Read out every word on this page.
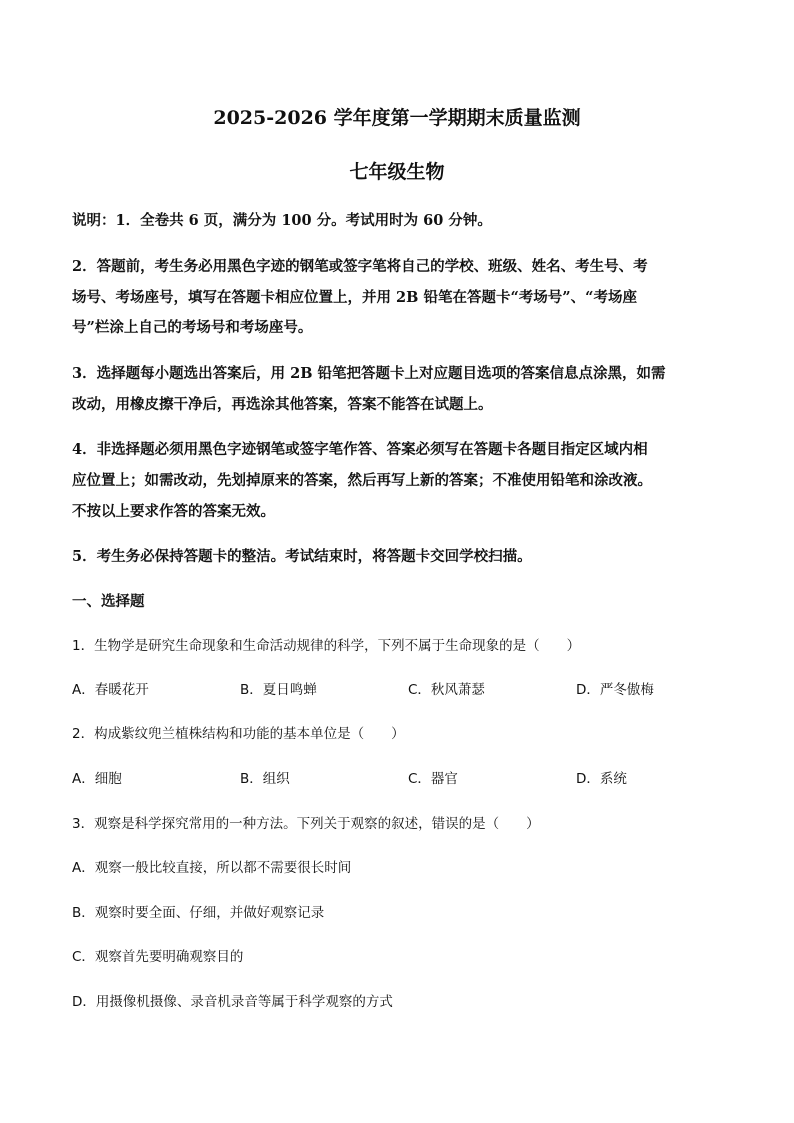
2025-2026 学年度第一学期期末质量监测
七年级生物
说明：1．全卷共 6 页，满分为 100 分。考试用时为 60 分钟。
2．答题前，考生务必用黑色字迹的钢笔或签字笔将自己的学校、班级、姓名、考生号、考
场号、考场座号，填写在答题卡相应位置上，并用 2B 铅笔在答题卡“考场号”、“考场座
号”栏涂上自己的考场号和考场座号。
3．选择题每小题选出答案后，用 2B 铅笔把答题卡上对应题目选项的答案信息点涂黑，如需
改动，用橡皮擦干净后，再选涂其他答案，答案不能答在试题上。
4．非选择题必须用黑色字迹钢笔或签字笔作答、答案必须写在答题卡各题目指定区域内相
应位置上；如需改动，先划掉原来的答案，然后再写上新的答案；不准使用铅笔和涂改液。
不按以上要求作答的答案无效。
5．考生务必保持答题卡的整洁。考试结束时，将答题卡交回学校扫描。
一、选择题
1．生物学是研究生命现象和生命活动规律的科学，下列不属于生命现象的是（　　）
A．春暖花开	B．夏日鸣蝉	C．秋风萧瑟	D．严冬傲梅
2．构成紫纹兜兰植株结构和功能的基本单位是（　　）
A．细胞	B．组织	C．器官	D．系统
3．观察是科学探究常用的一种方法。下列关于观察的叙述，错误的是（　　）
A．观察一般比较直接，所以都不需要很长时间
B．观察时要全面、仔细，并做好观察记录
C．观察首先要明确观察目的
D．用摄像机摄像、录音机录音等属于科学观察的方式
